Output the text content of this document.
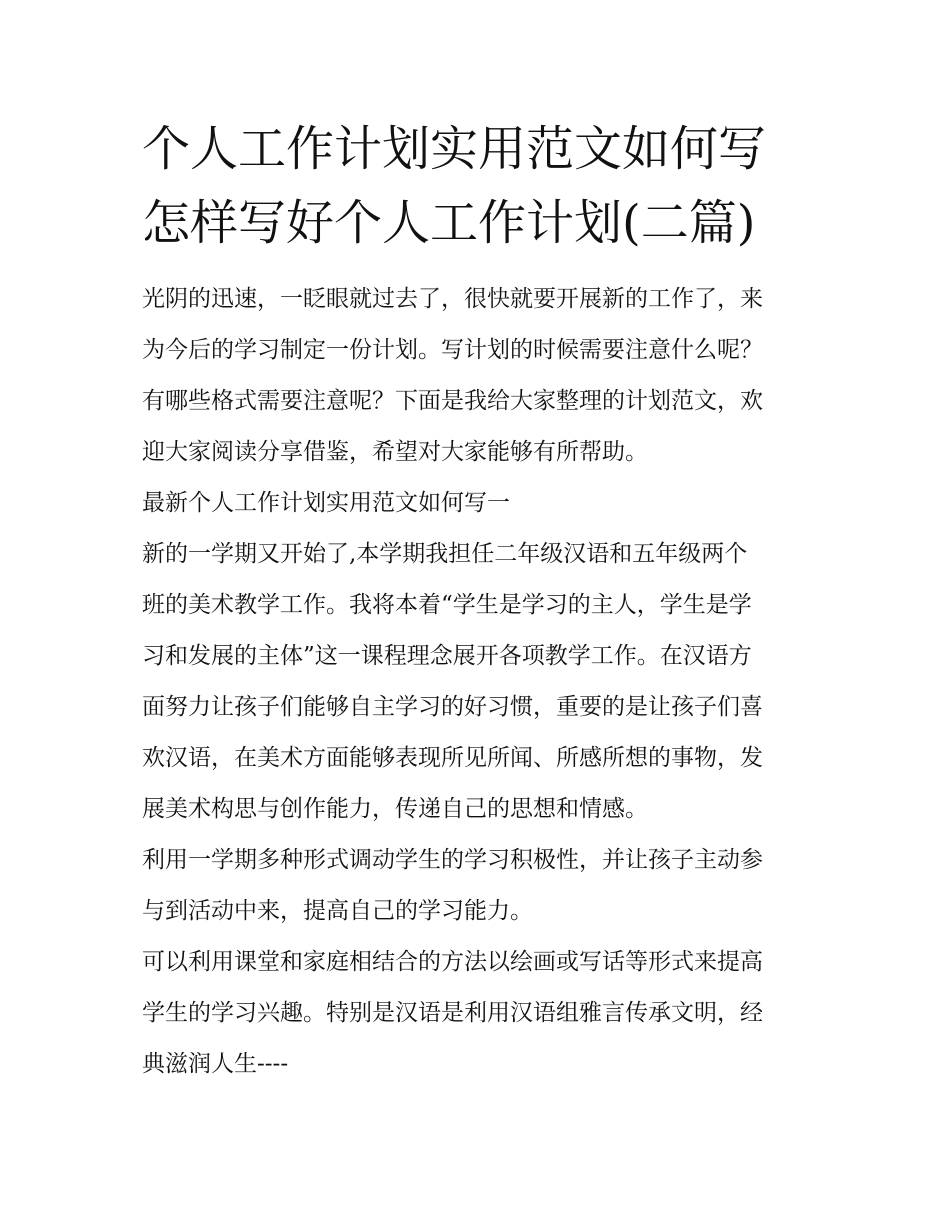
个人工作计划实用范文如何写

怎样写好个人工作计划(二篇)

光阴的迅速，一眨眼就过去了，很快就要开展新的工作了，来

为今后的学习制定一份计划。写计划的时候需要注意什么呢？

有哪些格式需要注意呢？下面是我给大家整理的计划范文，欢

迎大家阅读分享借鉴，希望对大家能够有所帮助。

最新个人工作计划实用范文如何写一

新的一学期又开始了,本学期我担任二年级汉语和五年级两个

班的美术教学工作。我将本着“学生是学习的主人，学生是学

习和发展的主体”这一课程理念展开各项教学工作。在汉语方

面努力让孩子们能够自主学习的好习惯，重要的是让孩子们喜

欢汉语，在美术方面能够表现所见所闻、所感所想的事物，发

展美术构思与创作能力，传递自己的思想和情感。

利用一学期多种形式调动学生的学习积极性，并让孩子主动参

与到活动中来，提高自己的学习能力。

可以利用课堂和家庭相结合的方法以绘画或写话等形式来提高

学生的学习兴趣。特别是汉语是利用汉语组雅言传承文明，经

典滋润人生----
